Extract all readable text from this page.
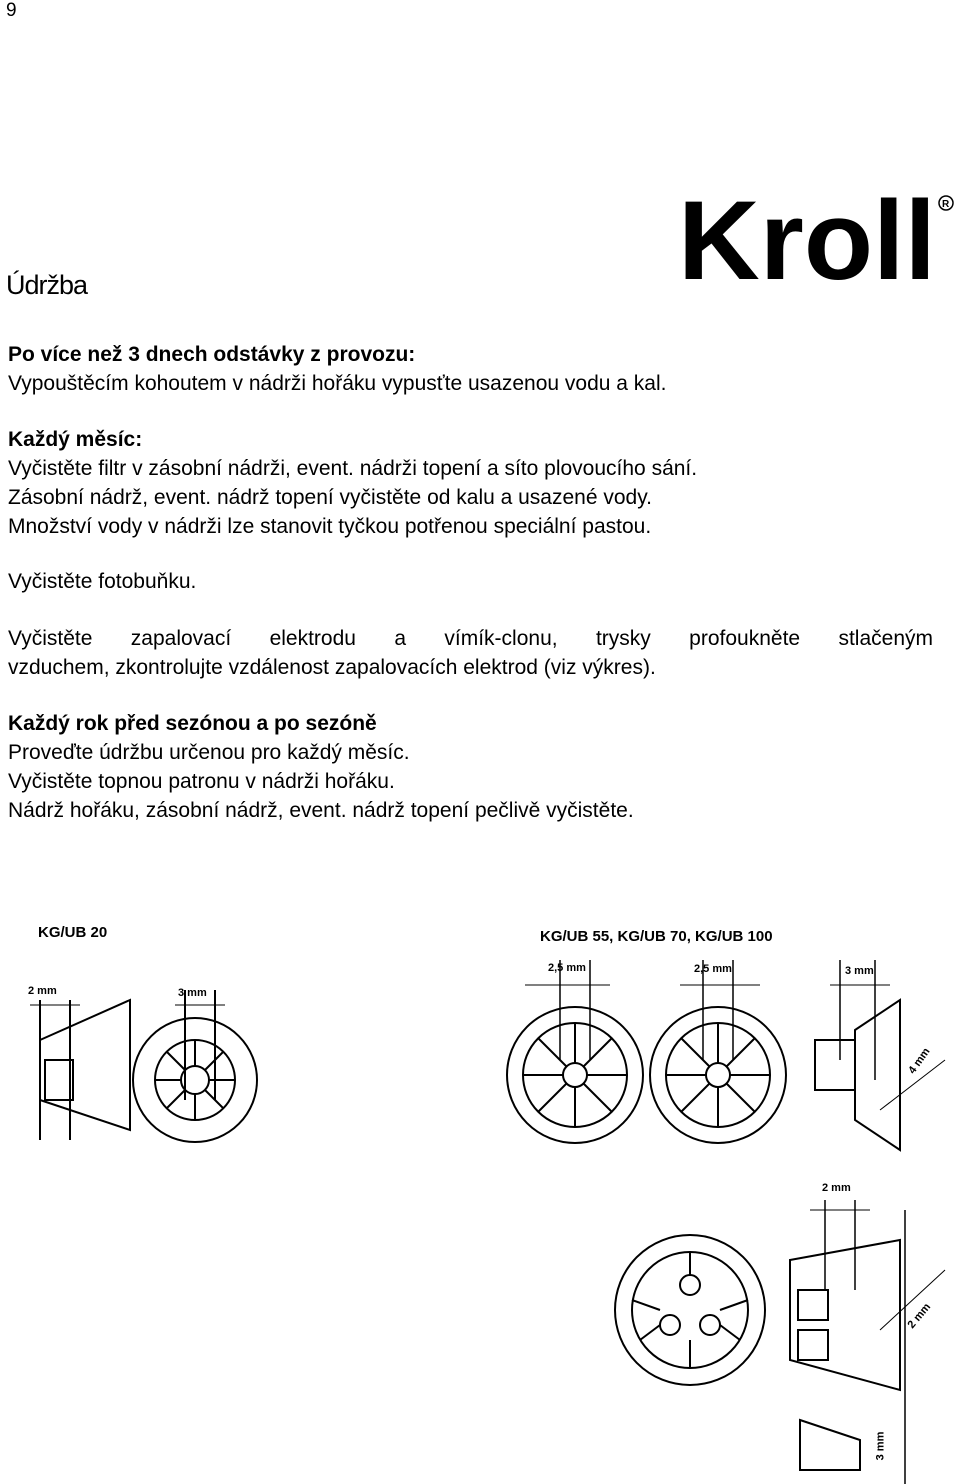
9
Kroll R
Údržba
Po více než 3 dnech odstávky z provozu:
Vypouštěcím kohoutem v nádrži hořáku vypusťte usazenou vodu a kal.
Každý měsíc:
Vyčistěte filtr v zásobní nádrži, event. nádrži topení a síto plovoucího sání.
Zásobní nádrž, event. nádrž topení vyčistěte od kalu a usazené vody.
Množství vody v nádrži lze stanovit tyčkou potřenou speciální pastou.
Vyčistěte fotobuňku.
Vyčistěte zapalovací elektrodu a vímík-clonu, trysky profoukněte stlačeným
vzduchem, zkontrolujte vzdálenost zapalovacích elektrod (viz výkres).
Každý rok před sezónou a po sezóně
Proveďte údržbu určenou pro každý měsíc.
Vyčistěte topnou patronu v nádrži hořáku.
Nádrž hořáku, zásobní nádrž, event. nádrž topení pečlivě vyčistěte.
KG/UB 20	KG/UB 55, KG/UB 70, KG/UB 100
2 mm	3 mm
2,5 mm	2,5 mm	3 mm
4 mm
2 mm
2 mm
3 mm
